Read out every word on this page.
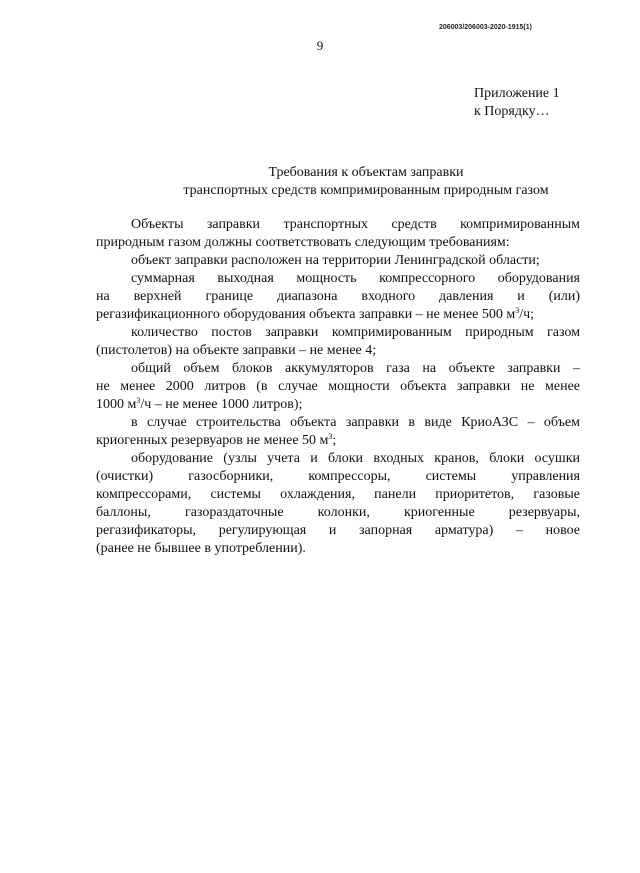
206003/206003-2020-1915(1)
9
Приложение 1
к Порядку…
Требования к объектам заправки
транспортных средств компримированным природным газом
Объекты заправки транспортных средств компримированным
природным газом должны соответствовать следующим требованиям:
объект заправки расположен на территории Ленинградской области;
суммарная выходная мощность компрессорного оборудования
на верхней границе диапазона входного давления и (или)
регазификационного оборудования объекта заправки – не менее 500 $м^3/ч$;
количество постов заправки компримированным природным газом
(пистолетов) на объекте заправки – не менее 4;
общий объем блоков аккумуляторов газа на объекте заправки –
не менее 2000 литров (в случае мощности объекта заправки не менее
1000 $м^3/ч$ – не менее 1000 литров);
в случае строительства объекта заправки в виде КриоАЗС – объем
криогенных резервуаров не менее 50 $м^3$;
оборудование (узлы учета и блоки входных кранов, блоки осушки
(очистки) газосборники, компрессоры, системы управления
компрессорами, системы охлаждения, панели приоритетов, газовые
баллоны, газораздаточные колонки, криогенные резервуары,
регазификаторы, регулирующая и запорная арматура) – новое
(ранее не бывшее в употреблении).
